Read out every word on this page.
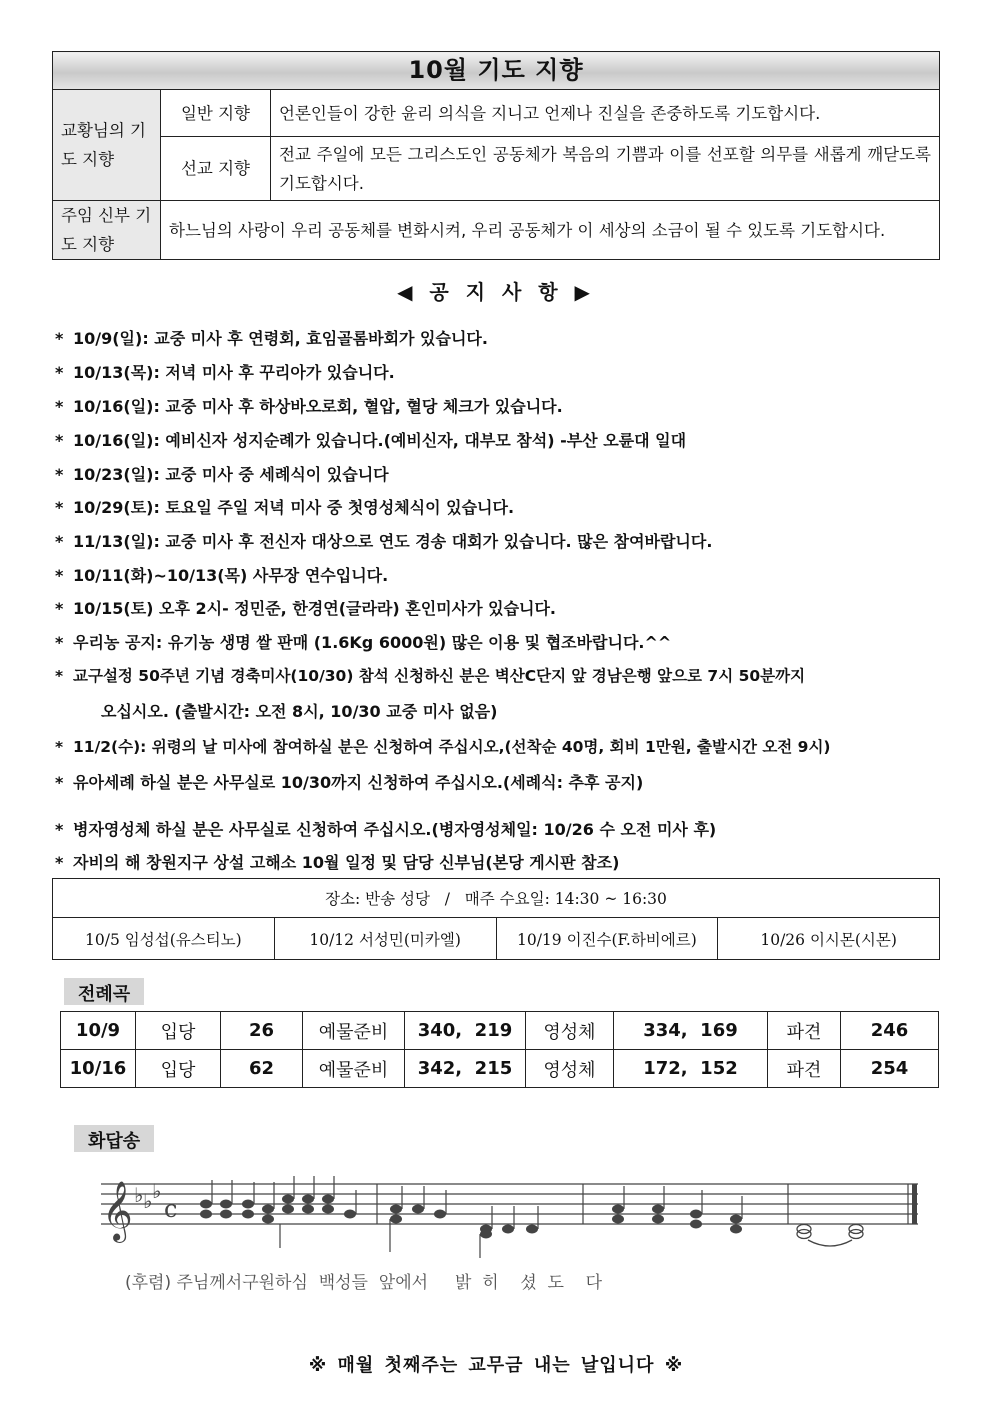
10월 기도 지향		
교황님의 기도 지향	일반 지향	언론인들이 강한 윤리 의식을 지니고 언제나 진실을 존중하도록 기도합시다.
	선교 지향	전교 주일에 모든 그리스도인 공동체가 복음의 기쁨과 이를 선포할 의무를 새롭게 깨닫도록 기도합시다.
주임 신부 기도 지향	하느님의 사랑이 우리 공동체를 변화시켜, 우리 공동체가 이 세상의 소금이 될 수 있도록 기도합시다.	
◀ 공 지 사 항 ▶
* 10/9(일): 교중 미사 후 연령회, 효임골롬바회가 있습니다.
* 10/13(목): 저녁 미사 후 꾸리아가 있습니다.
* 10/16(일): 교중 미사 후 하상바오로회, 혈압, 혈당 체크가 있습니다.
* 10/16(일): 예비신자 성지순례가 있습니다.(예비신자, 대부모 참석) -부산 오륜대 일대
* 10/23(일): 교중 미사 중 세례식이 있습니다
* 10/29(토): 토요일 주일 저녁 미사 중 첫영성체식이 있습니다.
* 11/13(일): 교중 미사 후 전신자 대상으로 연도 경송 대회가 있습니다. 많은 참여바랍니다.
* 10/11(화)~10/13(목) 사무장 연수입니다.
* 10/15(토) 오후 2시- 정민준, 한경연(글라라) 혼인미사가 있습니다.
* 우리농 공지: 유기농 생명 쌀 판매 (1.6Kg 6000원) 많은 이용 및 협조바랍니다.^^
* 교구설정 50주년 기념 경축미사(10/30) 참석 신청하신 분은 벽산C단지 앞 경남은행 앞으로 7시 50분까지
오십시오. (출발시간: 오전 8시, 10/30 교중 미사 없음)
* 11/2(수): 위령의 날 미사에 참여하실 분은 신청하여 주십시오,(선착순 40명, 회비 1만원, 출발시간 오전 9시)
* 유아세례 하실 분은 사무실로 10/30까지 신청하여 주십시오.(세례식: 추후 공지)
* 병자영성체 하실 분은 사무실로 신청하여 주십시오.(병자영성체일: 10/26 수 오전 미사 후)
* 자비의 해 창원지구 상설 고해소 10월 일정 및 담당 신부님(본당 게시판 참조)
장소: 반송 성당   /   매주 수요일: 14:30 ~ 16:30
10/5 임성섭(유스티노)	10/12 서성민(미카엘)	10/19 이진수(F.하비에르)	10/26 이시몬(시몬)
전례곡
10/9	입당	26	예물준비	340,  219	영성체	334,  169	파견	246
10/16	입당	62	예물준비	342,  215	영성체	172,  152	파견	254
화답송
𝄞 ♭ ♭ ♭
c
(후렴) 주님께서구원하심  백성들  앞에서     밝  히    셨  도    다
※ 매월 첫째주는 교무금 내는 날입니다 ※
